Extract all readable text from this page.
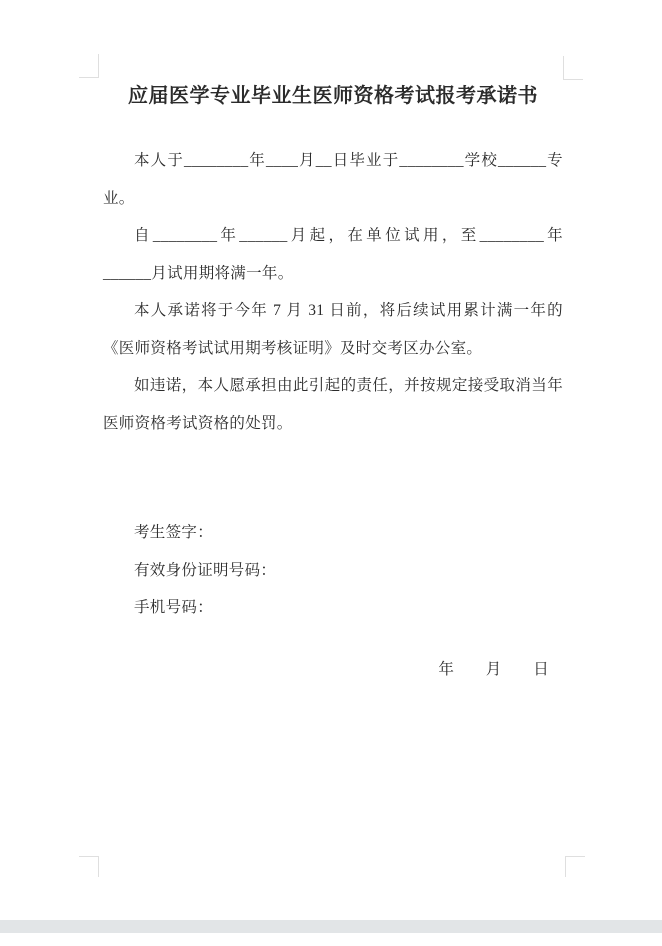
应届医学专业毕业生医师资格考试报考承诺书

本人于________年____月__日毕业于________学校______专业。

自________年______月起，在单位试用，至________年______月试用期将满一年。

本人承诺将于今年 7 月 31 日前，将后续试用累计满一年的《医师资格考试试用期考核证明》及时交考区办公室。

如违诺，本人愿承担由此引起的责任，并按规定接受取消当年医师资格考试资格的处罚。

考生签字：

有效身份证明号码：

手机号码：

年　　月　　日
